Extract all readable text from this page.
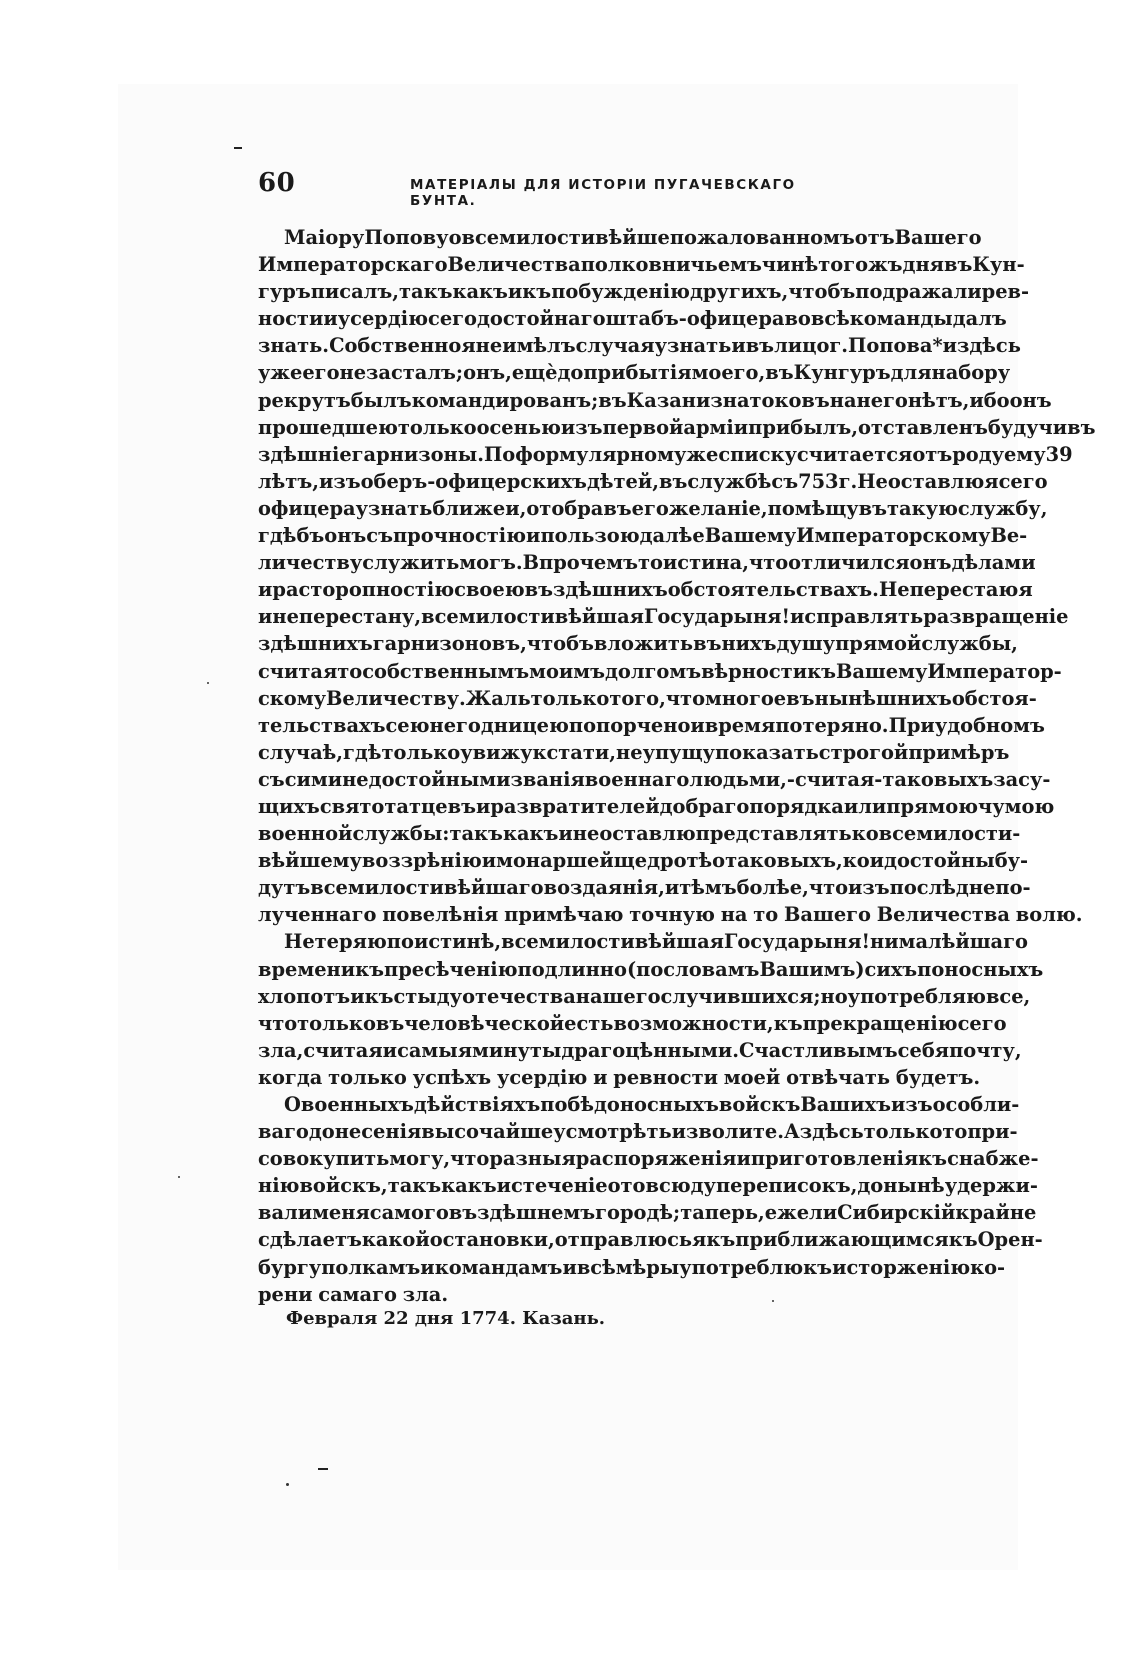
60	МАТЕРІАЛЫ ДЛЯ ИСТОРІИ ПУГАЧЕВСКАГО БУНТА.
Маіору Попову о всемилостивѣйше пожалованномъ отъ Вашего
Императорскаго Величества полковничьемъ чинѣ того жъ дня въ Кун-
гуръ писалъ, такъ какъ и къ побужденію другихъ, чтобъ подражали рев-
ности и усердію сего достойнаго штабъ-офицера во всѣ команды далъ
знать. Собственно я не имѣлъ случая узнать и въ лицо г. Попова*и здѣсь
уже его не засталъ; онъ, ещѐ до прибытія моего, въ Кунгуръ для набору
рекрутъ былъ командированъ; въ Казани знатоковъ на него нѣтъ, ибо онъ
прошедшею только осенью изъ первой арміи прибылъ, отставленъ будучи въ
здѣшніе гарнизоны. По формулярному же списку считается отъ роду ему 39
лѣтъ, изъ оберъ-офицерскихъ дѣтей, въ службѣ съ 753 г. Не оставлю я сего
офицера узнать ближе и, отобравъ его желаніе, помѣщу въ такую службу,
гдѣ бъ онъ съ прочностію и пользою далѣе Вашему Императорскому Ве-
личеству служить могъ. Впрочемъ то истина, что отличился онъ дѣлами
и расторопностію своею въ здѣшнихъ обстоятельствахъ. Не перестаю я
и не перестану, всемилостивѣйшая Государыня! исправлять развращеніе
здѣшнихъ гарнизоновъ, чтобъ вложить въ нихъ душу прямой службы,
считая то собственнымъ моимъ долгомъ вѣрности къ Вашему Император-
скому Величеству. Жаль только того, что многое въ нынѣшнихъ обстоя-
тельствахъ сею негодницею попорчено и время потеряно. При удобномъ
случаѣ, гдѣ только увижу кстати, не упущу показать строгой примѣръ
съ сими недостойными званія военнаго людьми,- считая- таковыхъ за су-
щихъ святотатцевъ и развратителей добраго порядка или прямою чумою
военной службы: такъ какъ и не оставлю представлять ко всемилости-
вѣйшему воззрѣнію и монаршей щедротѣ о таковыхъ, кои достойны бу-
дутъ всемилостивѣйшаго воздаянія, и тѣмъ болѣе, что изъ послѣдне по-
лученнаго повелѣнія примѣчаю точную на то Вашего Величества волю.
Не теряю по истинѣ, всемилостивѣйшая Государыня! ни малѣйшаго
времени къ пресѣченію подлинно (по словамъ Вашимъ) сихъ поносныхъ
хлопотъ и къ стыду отечества нашего случившихся; но употребляю все,
что только въ человѣческой есть возможности, къ прекращенію сего
зла, считая и самыя минуты драгоцѣнными. Счастливымъ себя почту,
когда только успѣхъ усердію и ревности моей отвѣчать будетъ.
О военныхъ дѣйствіяхъ побѣдоносныхъ войскъ Вашихъ изъ особли-
ваго донесенія высочайше усмотрѣть изволите. А здѣсь только то при-
совокупить могу, что разныя распоряженія и приготовленія къ снабже-
нію войскъ, такъ какъ и стеченіе отовсюду переписокъ, донынѣ удержи-
вали меня самого въ здѣшнемъ городѣ; таперь, ежели Сибирскій край не
сдѣлаетъ какой остановки, отправлюсь я къ приближающимся къ Орен-
бургу полкамъ и командамъ и всѣ мѣры употреблю къ исторженію ко-
рени самаго зла.
Февраля 22 дня 1774. Казань.
